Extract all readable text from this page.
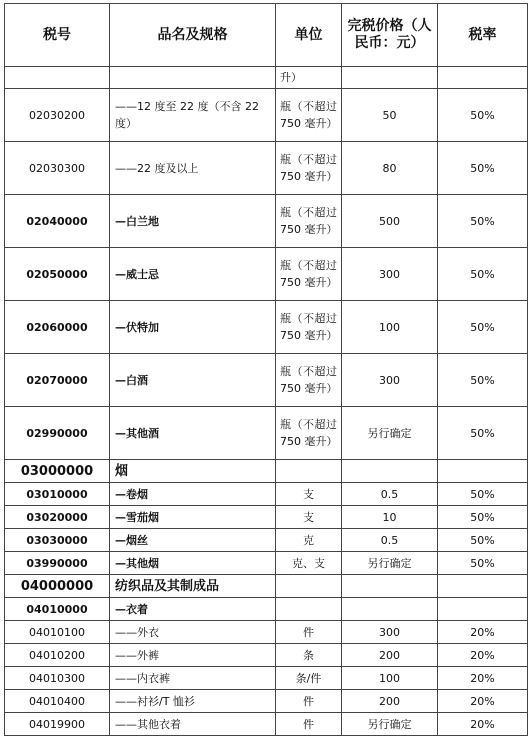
税号	品名及规格	单位	完税价格（人民币：元）	税率

		升）		

02030200	——12 度至 22 度（不含 22 度）	瓶（不超过 750 毫升）	50	50%
02030300	——22 度及以上	瓶（不超过 750 毫升）	80	50%
02040000	—白兰地	瓶（不超过 750 毫升）	500	50%
02050000	—威士忌	瓶（不超过 750 毫升）	300	50%
02060000	—伏特加	瓶（不超过 750 毫升）	100	50%
02070000	—白酒	瓶（不超过 750 毫升）	300	50%
02990000	—其他酒	瓶（不超过 750 毫升）	另行确定	50%
03000000	烟			
03010000	—卷烟	支	0.5	50%
03020000	—雪茄烟	支	10	50%
03030000	—烟丝	克	0.5	50%
03990000	—其他烟	克、支	另行确定	50%
04000000	纺织品及其制成品			
04010000	—衣着			
04010100	——外衣	件	300	20%
04010200	——外裤	条	200	20%
04010300	——内衣裤	条/件	100	20%
04010400	——衬衫/T 恤衫	件	200	20%
04019900	——其他衣着	件	另行确定	20%
